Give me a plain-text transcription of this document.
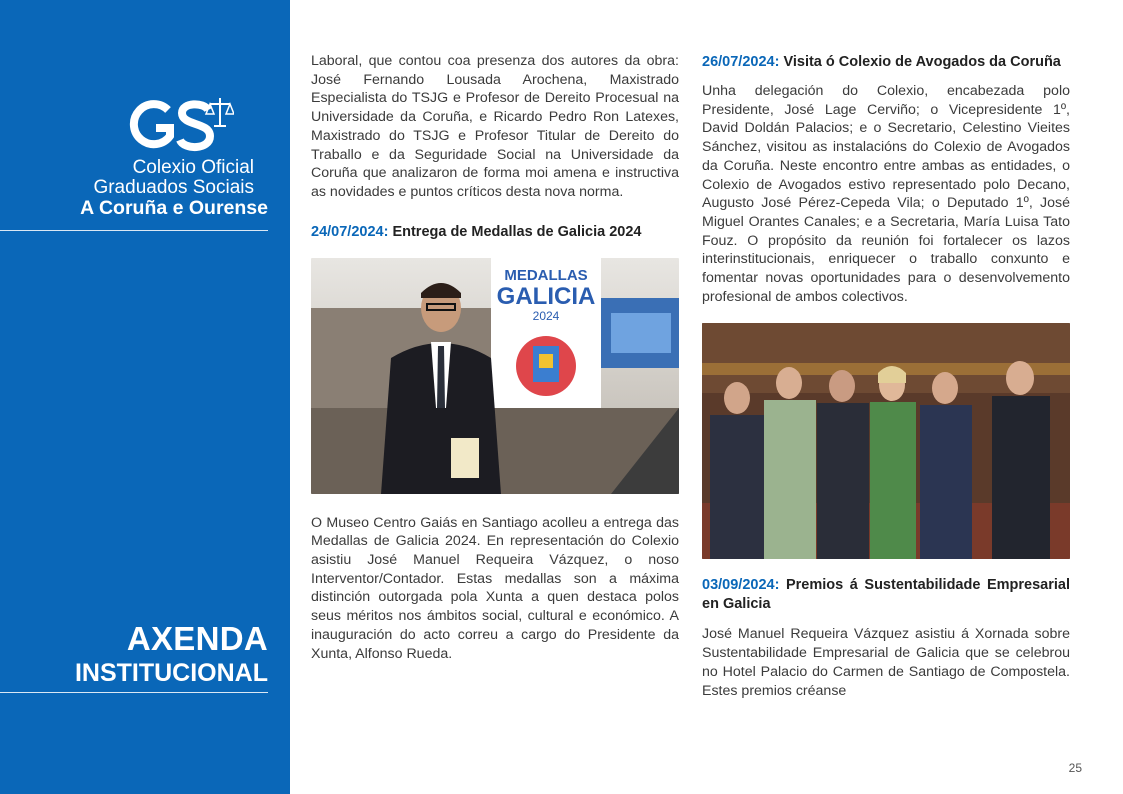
Colexio Oficial
Graduados Sociais
A Coruña e Ourense
AXENDA
INSTITUCIONAL

Laboral, que contou coa presenza dos autores da obra: José Fernando Lousada Arochena, Maxistrado Especialista do TSJG e Profesor de Dereito Procesual na Universidade da Coruña, e Ricardo Pedro Ron Latexes, Maxistrado do TSJG e Profesor Titular de Dereito do Traballo e da Seguridade Social na Universidade da Coruña que analizaron de forma moi amena e instructiva as novidades e puntos críticos desta nova norma.

24/07/2024: Entrega de Medallas de Galicia 2024
MEDALLAS
GALICIA
2024

O Museo Centro Gaiás en Santiago acolleu a entrega das Medallas de Galicia 2024. En representación do Colexio asistiu José Manuel Requeira Vázquez, o noso Interventor/Contador. Estas medallas son a máxima distinción outorgada pola Xunta a quen destaca polos seus méritos nos ámbitos social, cultural e económico. A inauguración do acto correu a cargo do Presidente da Xunta, Alfonso Rueda.

26/07/2024: Visita ó Colexio de Avogados da Coruña

Unha delegación do Colexio, encabezada polo Presidente, José Lage Cerviño; o Vicepresidente 1º, David Doldán Palacios; e o Secretario, Celestino Vieites Sánchez, visitou as instalacións do Colexio de Avogados da Coruña. Neste encontro entre ambas as entidades, o Colexio de Avogados estivo representado polo Decano, Augusto José Pérez-Cepeda Vila; o Deputado 1º, José Miguel Orantes Canales; e a Secretaria, María Luisa Tato Fouz. O propósito da reunión foi fortalecer os lazos interinstitucionais, enriquecer o traballo conxunto e fomentar novas oportunidades para o desenvolvemento profesional de ambos colectivos.

03/09/2024: Premios á Sustentabilidade Empresarial en Galicia

José Manuel Requeira Vázquez asistiu á Xornada sobre Sustentabilidade Empresarial de Galicia que se celebrou no Hotel Palacio do Carmen de Santiago de Compostela. Estes premios créanse

25
